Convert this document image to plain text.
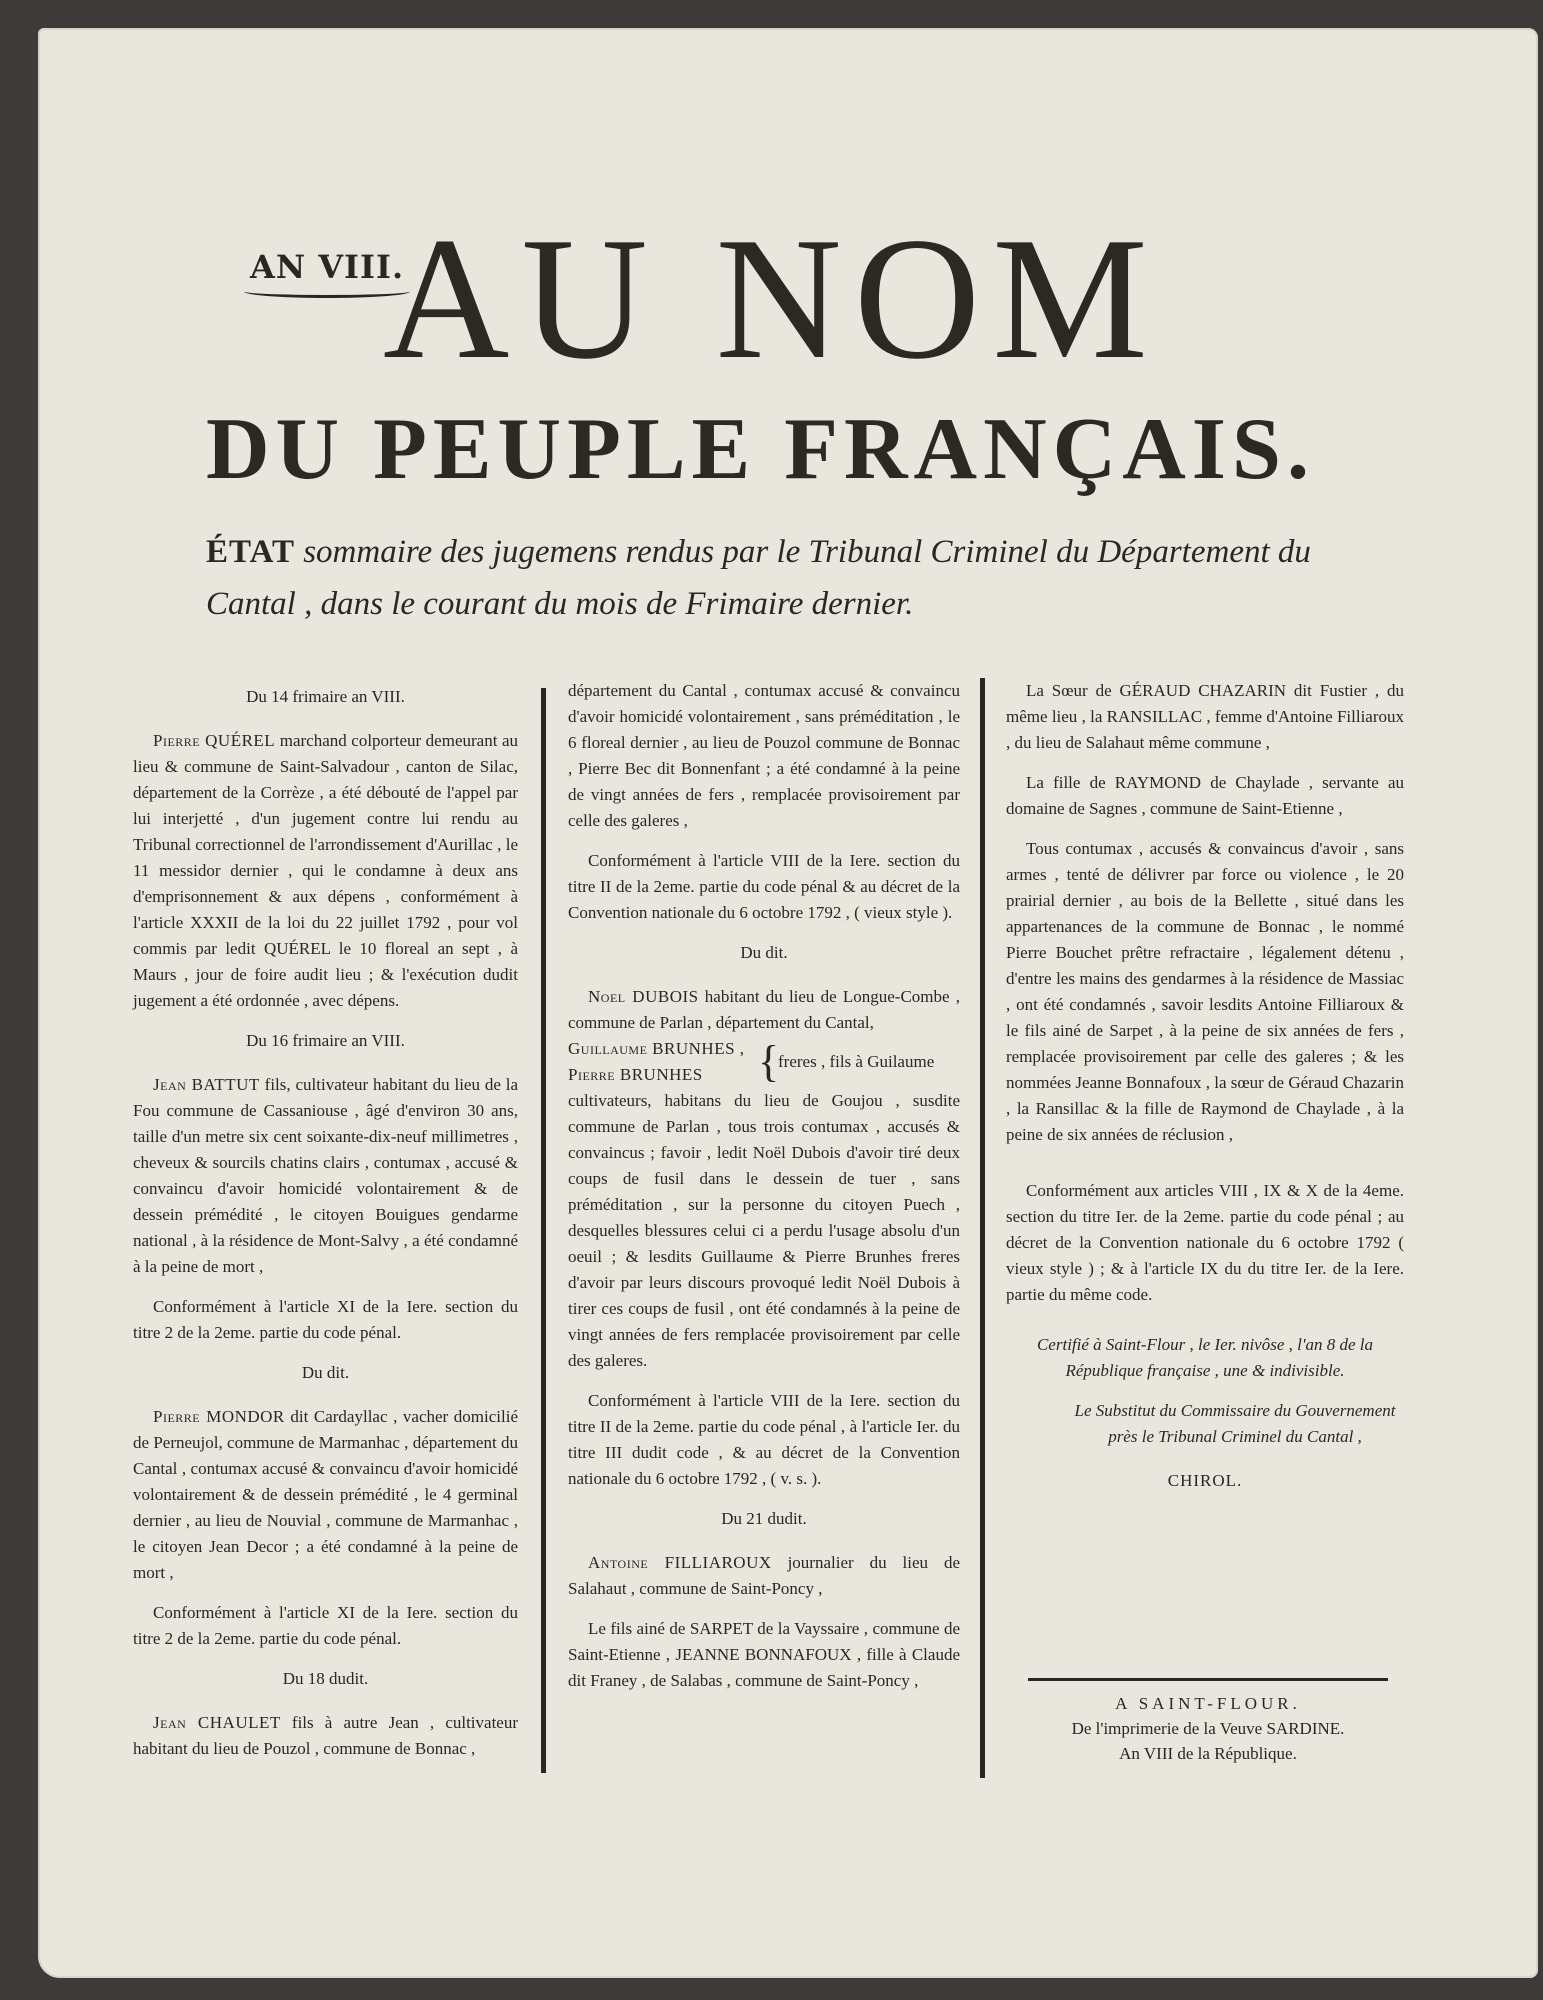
AN VIII.
AU NOM
DU PEUPLE FRANÇAIS.
ÉTAT sommaire des jugemens rendus par le Tribunal Criminel du Département du Cantal , dans le courant du mois de Frimaire dernier.

Du 14 frimaire an VIII.

Pierre QUÉREL marchand colporteur demeurant au lieu & commune de Saint-Salvadour , canton de Silac, département de la Corrèze , a été débouté de l'appel par lui interjetté , d'un jugement contre lui rendu au Tribunal correctionnel de l'arrondissement d'Aurillac , le 11 messidor dernier , qui le condamne à deux ans d'emprisonnement & aux dépens , conformément à l'article XXXII de la loi du 22 juillet 1792 , pour vol commis par ledit QUÉREL le 10 floreal an sept , à Maurs , jour de foire audit lieu ; & l'exécution dudit jugement a été ordonnée , avec dépens.

Du 16 frimaire an VIII.

Jean BATTUT fils, cultivateur habitant du lieu de la Fou commune de Cassaniouse , âgé d'environ 30 ans, taille d'un metre six cent soixante-dix-neuf millimetres , cheveux & sourcils chatins clairs , contumax , accusé & convaincu d'avoir homicidé volontairement & de dessein prémédité , le citoyen Bouigues gendarme national , à la résidence de Mont-Salvy , a été condamné à la peine de mort ,

Conformément à l'article XI de la Iere. section du titre 2 de la 2eme. partie du code pénal.

Du dit.

Pierre MONDOR dit Cardayllac , vacher domicilié de Perneujol, commune de Marmanhac , département du Cantal , contumax accusé & convaincu d'avoir homicidé volontairement & de dessein prémédité , le 4 germinal dernier , au lieu de Nouvial , commune de Marmanhac , le citoyen Jean Decor ; a été condamné à la peine de mort ,

Conformément à l'article XI de la Iere. section du titre 2 de la 2eme. partie du code pénal.

Du 18 dudit.

Jean CHAULET fils à autre Jean , cultivateur habitant du lieu de Pouzol , commune de Bonnac ,

département du Cantal , contumax accusé & convaincu d'avoir homicidé volontairement , sans préméditation , le 6 floreal dernier , au lieu de Pouzol commune de Bonnac , Pierre Bec dit Bonnenfant ; a été condamné à la peine de vingt années de fers , remplacée provisoirement par celle des galeres ,

Conformément à l'article VIII de la Iere. section du titre II de la 2eme. partie du code pénal & au décret de la Convention nationale du 6 octobre 1792 , ( vieux style ).

Du dit.

Noel DUBOIS habitant du lieu de Longue-Combe , commune de Parlan , département du Cantal,

Guillaume BRUNHES ,
Pierre BRUNHES	{
freres , fils à Guilaume

cultivateurs, habitans du lieu de Goujou , susdite commune de Parlan , tous trois contumax , accusés & convaincus ; favoir , ledit Noël Dubois d'avoir tiré deux coups de fusil dans le dessein de tuer , sans préméditation , sur la personne du citoyen Puech , desquelles blessures celui ci a perdu l'usage absolu d'un oeuil ; & lesdits Guillaume & Pierre Brunhes freres d'avoir par leurs discours provoqué ledit Noël Dubois à tirer ces coups de fusil , ont été condamnés à la peine de vingt années de fers remplacée provisoirement par celle des galeres.

Conformément à l'article VIII de la Iere. section du titre II de la 2eme. partie du code pénal , à l'article Ier. du titre III dudit code , & au décret de la Convention nationale du 6 octobre 1792 , ( v. s. ).

Du 21 dudit.

Antoine FILLIAROUX journalier du lieu de Salahaut , commune de Saint-Poncy ,

Le fils ainé de SARPET de la Vayssaire , commune de Saint-Etienne , JEANNE BONNAFOUX , fille à Claude dit Franey , de Salabas , commune de Saint-Poncy ,

La Sœur de GÉRAUD CHAZARIN dit Fustier , du même lieu , la RANSILLAC , femme d'Antoine Filliaroux , du lieu de Salahaut même commune ,

La fille de RAYMOND de Chaylade , servante au domaine de Sagnes , commune de Saint-Etienne ,

Tous contumax , accusés & convaincus d'avoir , sans armes , tenté de délivrer par force ou violence , le 20 prairial dernier , au bois de la Bellette , situé dans les appartenances de la commune de Bonnac , le nommé Pierre Bouchet prêtre refractaire , légalement détenu , d'entre les mains des gendarmes à la résidence de Massiac , ont été condamnés , savoir lesdits Antoine Filliaroux & le fils ainé de Sarpet , à la peine de six années de fers , remplacée provisoirement par celle des galeres ; & les nommées Jeanne Bonnafoux , la sœur de Géraud Chazarin , la Ransillac & la fille de Raymond de Chaylade , à la peine de six années de réclusion ,

Conformément aux articles VIII , IX & X de la 4eme. section du titre Ier. de la 2eme. partie du code pénal ; au décret de la Convention nationale du 6 octobre 1792 ( vieux style ) ; & à l'article IX du du titre Ier. de la Iere. partie du même code.

Certifié à Saint-Flour , le Ier. nivôse , l'an 8 de la République française , une & indivisible.

Le Substitut du Commissaire du Gouvernement près le Tribunal Criminel du Cantal ,

CHIROL.

A SAINT-FLOUR.
De l'imprimerie de la Veuve SARDINE.
An VIII de la République.
